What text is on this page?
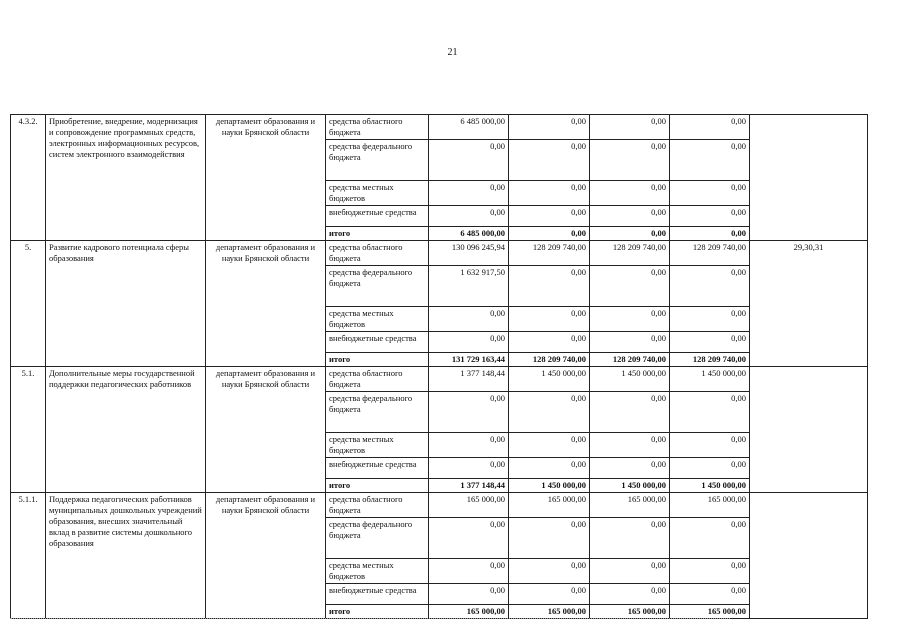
21
4.3.2.	Приобретение, внедрение, модернизация и сопровождение программных средств, электронных информационных ресурсов, систем электронного взаимодействия	департамент образования и науки Брянской области	средства областного бюджета	6 485 000,00	0,00	0,00	0,00	
			средства федерального бюджета	0,00	0,00	0,00	0,00	
			средства местных бюджетов	0,00	0,00	0,00	0,00	
			внебюджетные средства	0,00	0,00	0,00	0,00	
			итого	6 485 000,00	0,00	0,00	0,00	
5.	Развитие кадрового потенциала сферы образования	департамент образования и науки Брянской области	средства областного бюджета	130 096 245,94	128 209 740,00	128 209 740,00	128 209 740,00	29,30,31
			средства федерального бюджета	1 632 917,50	0,00	0,00	0,00	
			средства местных бюджетов	0,00	0,00	0,00	0,00	
			внебюджетные средства	0,00	0,00	0,00	0,00	
			итого	131 729 163,44	128 209 740,00	128 209 740,00	128 209 740,00	
5.1.	Дополнительные меры государственной поддержки педагогических работников	департамент образования и науки Брянской области	средства областного бюджета	1 377 148,44	1 450 000,00	1 450 000,00	1 450 000,00	
			средства федерального бюджета	0,00	0,00	0,00	0,00	
			средства местных бюджетов	0,00	0,00	0,00	0,00	
			внебюджетные средства	0,00	0,00	0,00	0,00	
			итого	1 377 148,44	1 450 000,00	1 450 000,00	1 450 000,00	
5.1.1.	Поддержка педагогических работников муниципальных дошкольных учреждений образования, внесших значительный вклад в развитие системы дошкольного образования	департамент образования и науки Брянской области	средства областного бюджета	165 000,00	165 000,00	165 000,00	165 000,00	
			средства федерального бюджета	0,00	0,00	0,00	0,00	
			средства местных бюджетов	0,00	0,00	0,00	0,00	
			внебюджетные средства	0,00	0,00	0,00	0,00	
			итого	165 000,00	165 000,00	165 000,00	165 000,00	
